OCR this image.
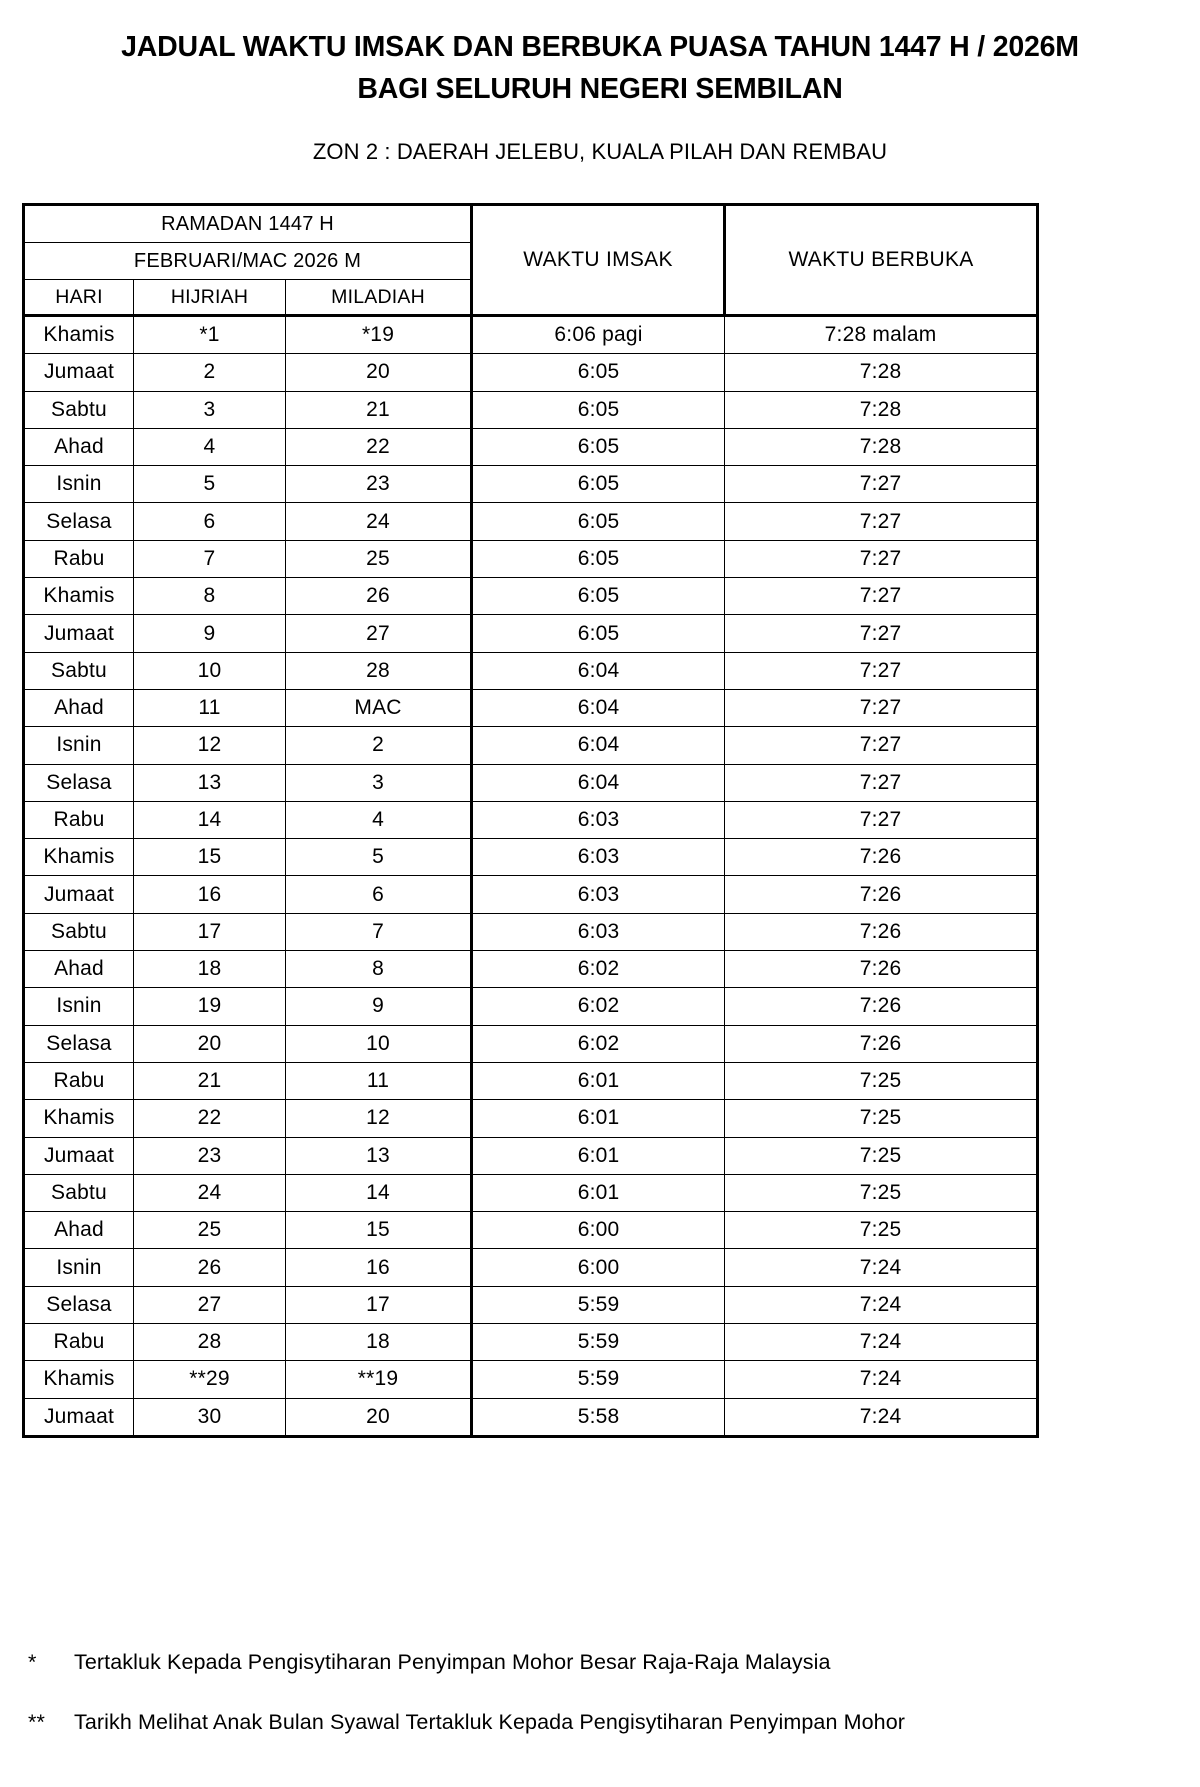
JADUAL WAKTU IMSAK DAN BERBUKA PUASA TAHUN 1447 H / 2026M
BAGI SELURUH NEGERI SEMBILAN
ZON 2 : DAERAH JELEBU, KUALA PILAH DAN REMBAU
RAMADAN 1447 H			WAKTU IMSAK	WAKTU BERBUKA
FEBRUARI/MAC 2026 M				
HARI	HIJRIAH	MILADIAH		
Khamis	*1	*19	6:06 pagi	7:28 malam
Jumaat	2	20	6:05	7:28
Sabtu	3	21	6:05	7:28
Ahad	4	22	6:05	7:28
Isnin	5	23	6:05	7:27
Selasa	6	24	6:05	7:27
Rabu	7	25	6:05	7:27
Khamis	8	26	6:05	7:27
Jumaat	9	27	6:05	7:27
Sabtu	10	28	6:04	7:27
Ahad	11	MAC	6:04	7:27
Isnin	12	2	6:04	7:27
Selasa	13	3	6:04	7:27
Rabu	14	4	6:03	7:27
Khamis	15	5	6:03	7:26
Jumaat	16	6	6:03	7:26
Sabtu	17	7	6:03	7:26
Ahad	18	8	6:02	7:26
Isnin	19	9	6:02	7:26
Selasa	20	10	6:02	7:26
Rabu	21	11	6:01	7:25
Khamis	22	12	6:01	7:25
Jumaat	23	13	6:01	7:25
Sabtu	24	14	6:01	7:25
Ahad	25	15	6:00	7:25
Isnin	26	16	6:00	7:24
Selasa	27	17	5:59	7:24
Rabu	28	18	5:59	7:24
Khamis	**29	**19	5:59	7:24
Jumaat	30	20	5:58	7:24
*	Tertakluk Kepada Pengisytiharan Penyimpan Mohor Besar Raja-Raja Malaysia
**	Tarikh Melihat Anak Bulan Syawal Tertakluk Kepada Pengisytiharan Penyimpan Mohor
